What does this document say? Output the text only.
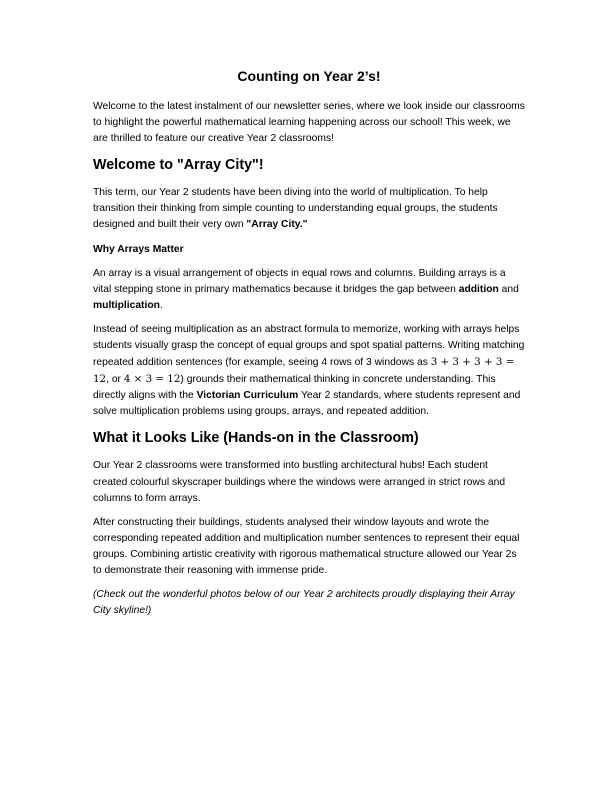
Counting on Year 2’s!

Welcome to the latest instalment of our newsletter series, where we look inside our classrooms to highlight the powerful mathematical learning happening across our school! This week, we are thrilled to feature our creative Year 2 classrooms!

Welcome to "Array City"!

This term, our Year 2 students have been diving into the world of multiplication. To help transition their thinking from simple counting to understanding equal groups, the students designed and built their very own "Array City."

Why Arrays Matter

An array is a visual arrangement of objects in equal rows and columns. Building arrays is a vital stepping stone in primary mathematics because it bridges the gap between addition and multiplication.

Instead of seeing multiplication as an abstract formula to memorize, working with arrays helps students visually grasp the concept of equal groups and spot spatial patterns. Writing matching repeated addition sentences (for example, seeing 4 rows of 3 windows as 3 + 3 + 3 + 3 = 12, or 4 × 3 = 12) grounds their mathematical thinking in concrete understanding. This directly aligns with the Victorian Curriculum Year 2 standards, where students represent and solve multiplication problems using groups, arrays, and repeated addition.

What it Looks Like (Hands-on in the Classroom)

Our Year 2 classrooms were transformed into bustling architectural hubs! Each student created colourful skyscraper buildings where the windows were arranged in strict rows and columns to form arrays.

After constructing their buildings, students analysed their window layouts and wrote the corresponding repeated addition and multiplication number sentences to represent their equal groups. Combining artistic creativity with rigorous mathematical structure allowed our Year 2s to demonstrate their reasoning with immense pride.

(Check out the wonderful photos below of our Year 2 architects proudly displaying their Array City skyline!)
